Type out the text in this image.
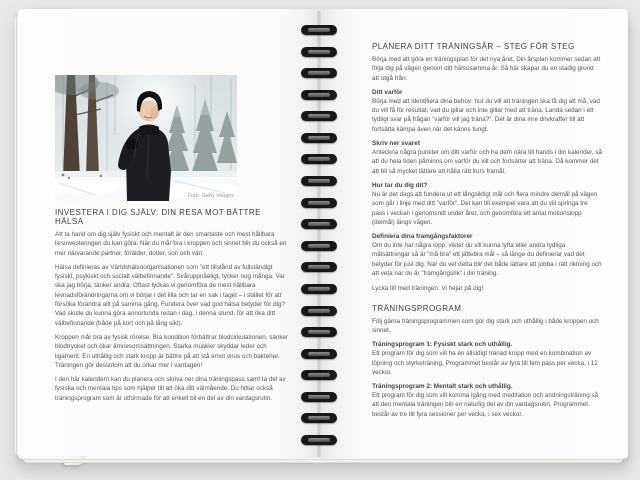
Foto: Getty Images
INVESTERA I DIG SJÄLV: DIN RESA MOT BÄTTRE HÄLSA

Att ta hand om dig själv fysiskt och mentalt är den smartaste och mest hållbara livsinvesteringen du kan göra. När du mår bra i kroppen och sinnet blir du också en mer närvarande partner, förälder, dotter, son och vän.

Hälsa definieras av Världshälsoorganisationen som ”ett tillstånd av fullständigt fysiskt, psykiskt och socialt välbefinnande”. Svåruppnåeligt, tycker nog många. Var ska jag börja, tänker andra. Oftast lyckas vi genomföra de mest hållbara levnadsförändringarna om vi börjar i det lilla och tar en sak i taget – i stället för att försöka förändra allt på samma gång. Fundera över vad god hälsa betyder för dig? Vad skulle du kunna göra annorlunda redan i dag, i denna stund, för att öka ditt välbefinnande (både på kort och på lång sikt).

Kroppen mår bra av fysisk rörelse. Bra kondition förbättrar blodcirkulationen, sänker blodtrycket och ökar ämnesomsättningen. Starka muskler skyddar leder och ligament. En uthållig och stark kropp är bättre på att stå emot virus och bakterier. Träningen gör dessutom att du orkar mer i vardagen!

I den här kalendern kan du planera och skriva ner dina träningspass samt ta del av fysiska och mentala tips som hjälper till att öka ditt välmående. Du hittar också träningsprogram som är utformade för att enkelt bli en del av din vardagsrutin.

PLANERA DITT TRÄNINGSÅR – STEG FÖR STEG

Börja med att göra en träningsplan för det nya året. Din årsplan kommer sedan att följa dig på vägen genom ditt hälsosamma år. Så här skapar du en stadig grund att utgå från:

Ditt varför

Börja med att identifiera dina behov: hur du vill att träningen ska få dig att må, vad du vill få för resultat, vad du gillar och inte gillar med att träna. Landa sedan i ett tydligt svar på frågan ”varför vill jag träna?”. Det är dina inre drivkrafter till att fortsätta kämpa även när det känns tungt.

Skriv ner svaret

Anteckna några punkter om ditt varför och ha dem nära till hands i din kalender, så att du hela tiden påminns om varför du vill och fortsätter att träna. Då kommer det att bli så mycket lättare att hålla rätt kurs framåt.

Hur tar du dig dit?

Nu är det dags att fundera ut ett långsiktigt mål och flera mindre delmål på vägen som går i linje med ditt ”varför”. Det kan till exempel vara att du vill springa tre pass i veckan i genomsnitt under året, och genomföra ett antal motionslopp (delmål) längs vägen.

Definiera dina framgångsfaktorer

Om du inte har några lopp, vikter du vill kunna lyfta eller andra tydliga målsättningar så är ”må bra” ett jättebra mål – så länge du definierar vad det betyder för just dig. När du vet detta blir det både lättare att jobba i rätt riktning och att veta när du är ”framgångsrik” i din träning.

Lycka till med träningen. Vi hejar på dig!

TRÄNINGSPROGRAM

Följ gärna träningsprogrammen som gör dig stark och uthållig i både kroppen och sinnet.

Träningsprogram 1: Fysiskt stark och uthållig.

Ett program för dig som vill ha en allsidigt tränad kropp med en kombination av löpning och styrketräning. Programmet består av fyra till fem pass per vecka, i 12 veckor.

Träningsprogram 2: Mentalt stark och uthållig.

Ett program för dig som vill komma igång med meditation och andningsträning så att den mentala träningen blir en naturlig del av din vardagsrutin. Programmet består av tre till fyra sessioner per vecka, i sex veckor.
